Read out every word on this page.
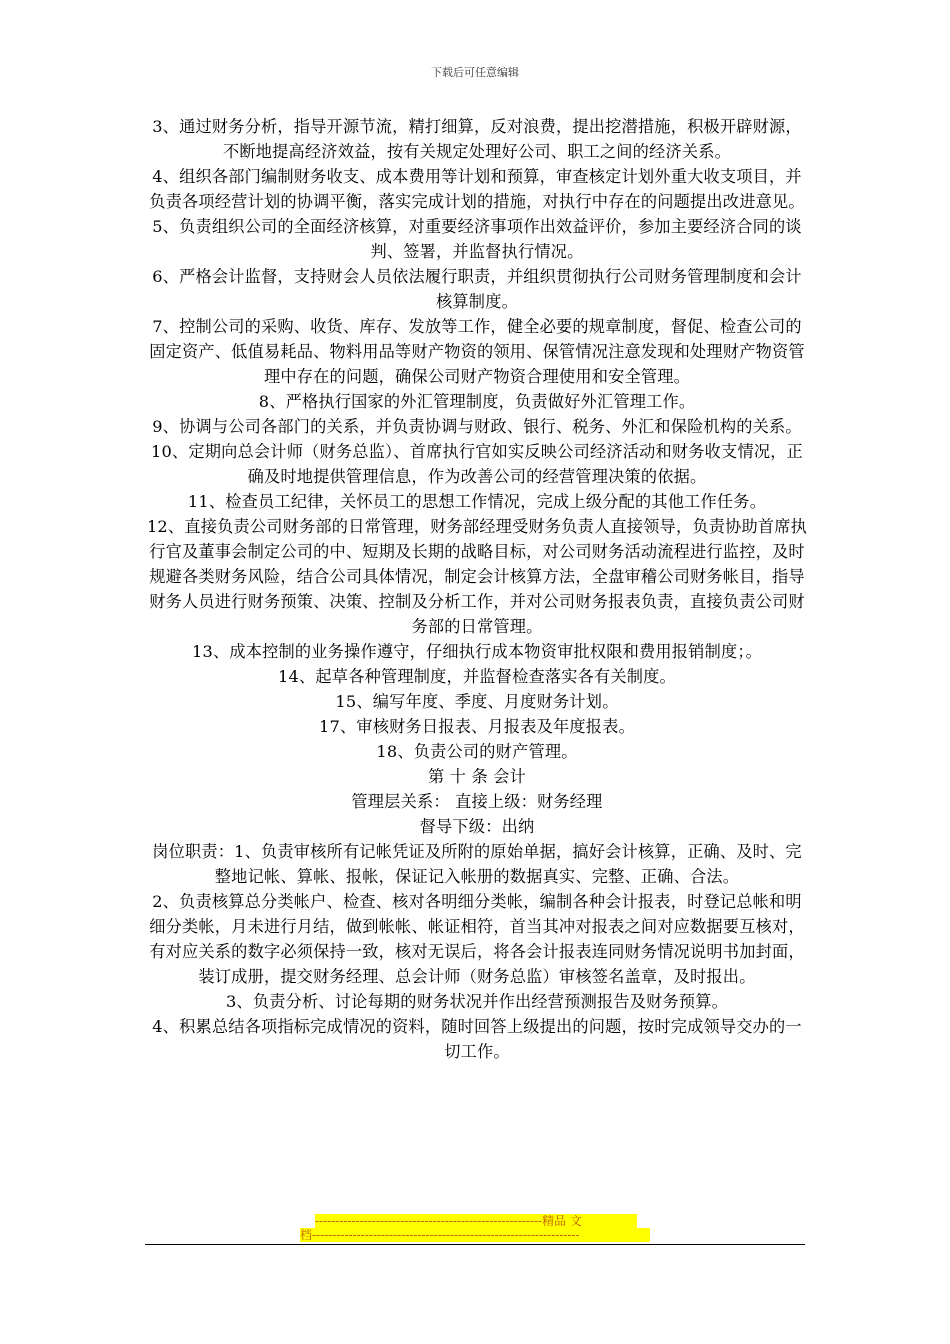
下载后可任意编辑

3、通过财务分析，指导开源节流，精打细算，反对浪费，提出挖潜措施，积极开辟财源，不断地提高经济效益，按有关规定处理好公司、职工之间的经济关系。

4、组织各部门编制财务收支、成本费用等计划和预算，审查核定计划外重大收支项目，并负责各项经营计划的协调平衡，落实完成计划的措施，对执行中存在的问题提出改进意见。

5、负责组织公司的全面经济核算，对重要经济事项作出效益评价，参加主要经济合同的谈判、签署，并监督执行情况。

6、严格会计监督，支持财会人员依法履行职责，并组织贯彻执行公司财务管理制度和会计核算制度。

7、控制公司的采购、收货、库存、发放等工作，健全必要的规章制度，督促、检查公司的固定资产、低值易耗品、物料用品等财产物资的领用、保管情况注意发现和处理财产物资管理中存在的问题，确保公司财产物资合理使用和安全管理。

8、严格执行国家的外汇管理制度，负责做好外汇管理工作。

9、协调与公司各部门的关系，并负责协调与财政、银行、税务、外汇和保险机构的关系。

10、定期向总会计师（财务总监）、首席执行官如实反映公司经济活动和财务收支情况，正确及时地提供管理信息，作为改善公司的经营管理决策的依据。

11、检查员工纪律，关怀员工的思想工作情况，完成上级分配的其他工作任务。

12、直接负责公司财务部的日常管理，财务部经理受财务负责人直接领导，负责协助首席执行官及董事会制定公司的中、短期及长期的战略目标，对公司财务活动流程进行监控，及时规避各类财务风险，结合公司具体情况，制定会计核算方法，全盘审稽公司财务帐目，指导财务人员进行财务预策、决策、控制及分析工作，并对公司财务报表负责，直接负责公司财务部的日常管理。

13、成本控制的业务操作遵守，仔细执行成本物资审批权限和费用报销制度；。

14、起草各种管理制度，并监督检查落实各有关制度。

15、编写年度、季度、月度财务计划。

17、审核财务日报表、月报表及年度报表。

18、负责公司的财产管理。

第 十 条 会计

管理层关系： 直接上级：财务经理

督导下级：出纳

岗位职责：1、负责审核所有记帐凭证及所附的原始单据，搞好会计核算，正确、及时、完整地记帐、算帐、报帐，保证记入帐册的数据真实、完整、正确、合法。

2、负责核算总分类帐户、检查、核对各明细分类帐，编制各种会计报表，时登记总帐和明细分类帐，月未进行月结，做到帐帐、帐证相符，首当其冲对报表之间对应数据要互核对，有对应关系的数字必须保持一致，核对无误后，将各会计报表连同财务情况说明书加封面，装订成册，提交财务经理、总会计师（财务总监）审核签名盖章，及时报出。

3、负责分析、讨论每期的财务状况并作出经营预测报告及财务预算。

4、积累总结各项指标完成情况的资料，随时回答上级提出的问题，按时完成领导交办的一切工作。

--------------------------------------------------------精品 文
档------------------------------------------------------------------
